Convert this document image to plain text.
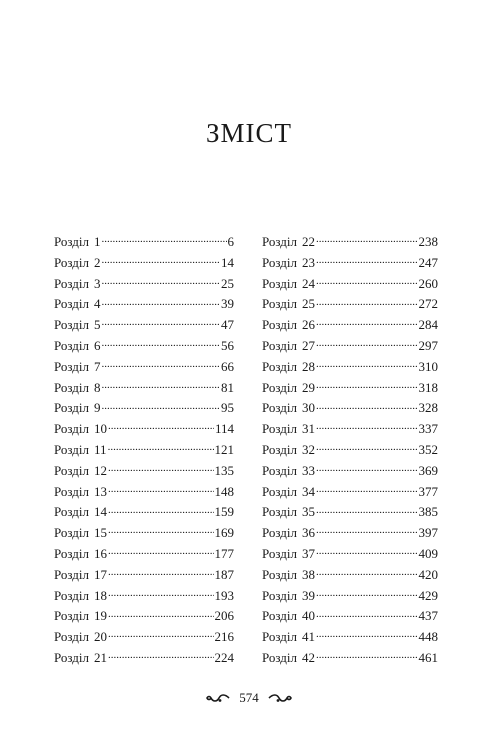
ЗМІСТ
Розділ 1 .....	6
Розділ 2 .....	14
Розділ 3 .....	25
Розділ 4 .....	39
Розділ 5 .....	47
Розділ 6 .....	56
Розділ 7 .....	66
Розділ 8 .....	81
Розділ 9 .....	95
Розділ 10 .....	114
Розділ 11 .....	121
Розділ 12 .....	135
Розділ 13 .....	148
Розділ 14 .....	159
Розділ 15 .....	169
Розділ 16 .....	177
Розділ 17 .....	187
Розділ 18 .....	193
Розділ 19 .....	206
Розділ 20 .....	216
Розділ 21 .....	224
Розділ 22 .....	238
Розділ 23 .....	247
Розділ 24 .....	260
Розділ 25 .....	272
Розділ 26 .....	284
Розділ 27 .....	297
Розділ 28 .....	310
Розділ 29 .....	318
Розділ 30 .....	328
Розділ 31 .....	337
Розділ 32 .....	352
Розділ 33 .....	369
Розділ 34 .....	377
Розділ 35 .....	385
Розділ 36 .....	397
Розділ 37 .....	409
Розділ 38 .....	420
Розділ 39 .....	429
Розділ 40 .....	437
Розділ 41 .....	448
Розділ 42 .....	461
574
